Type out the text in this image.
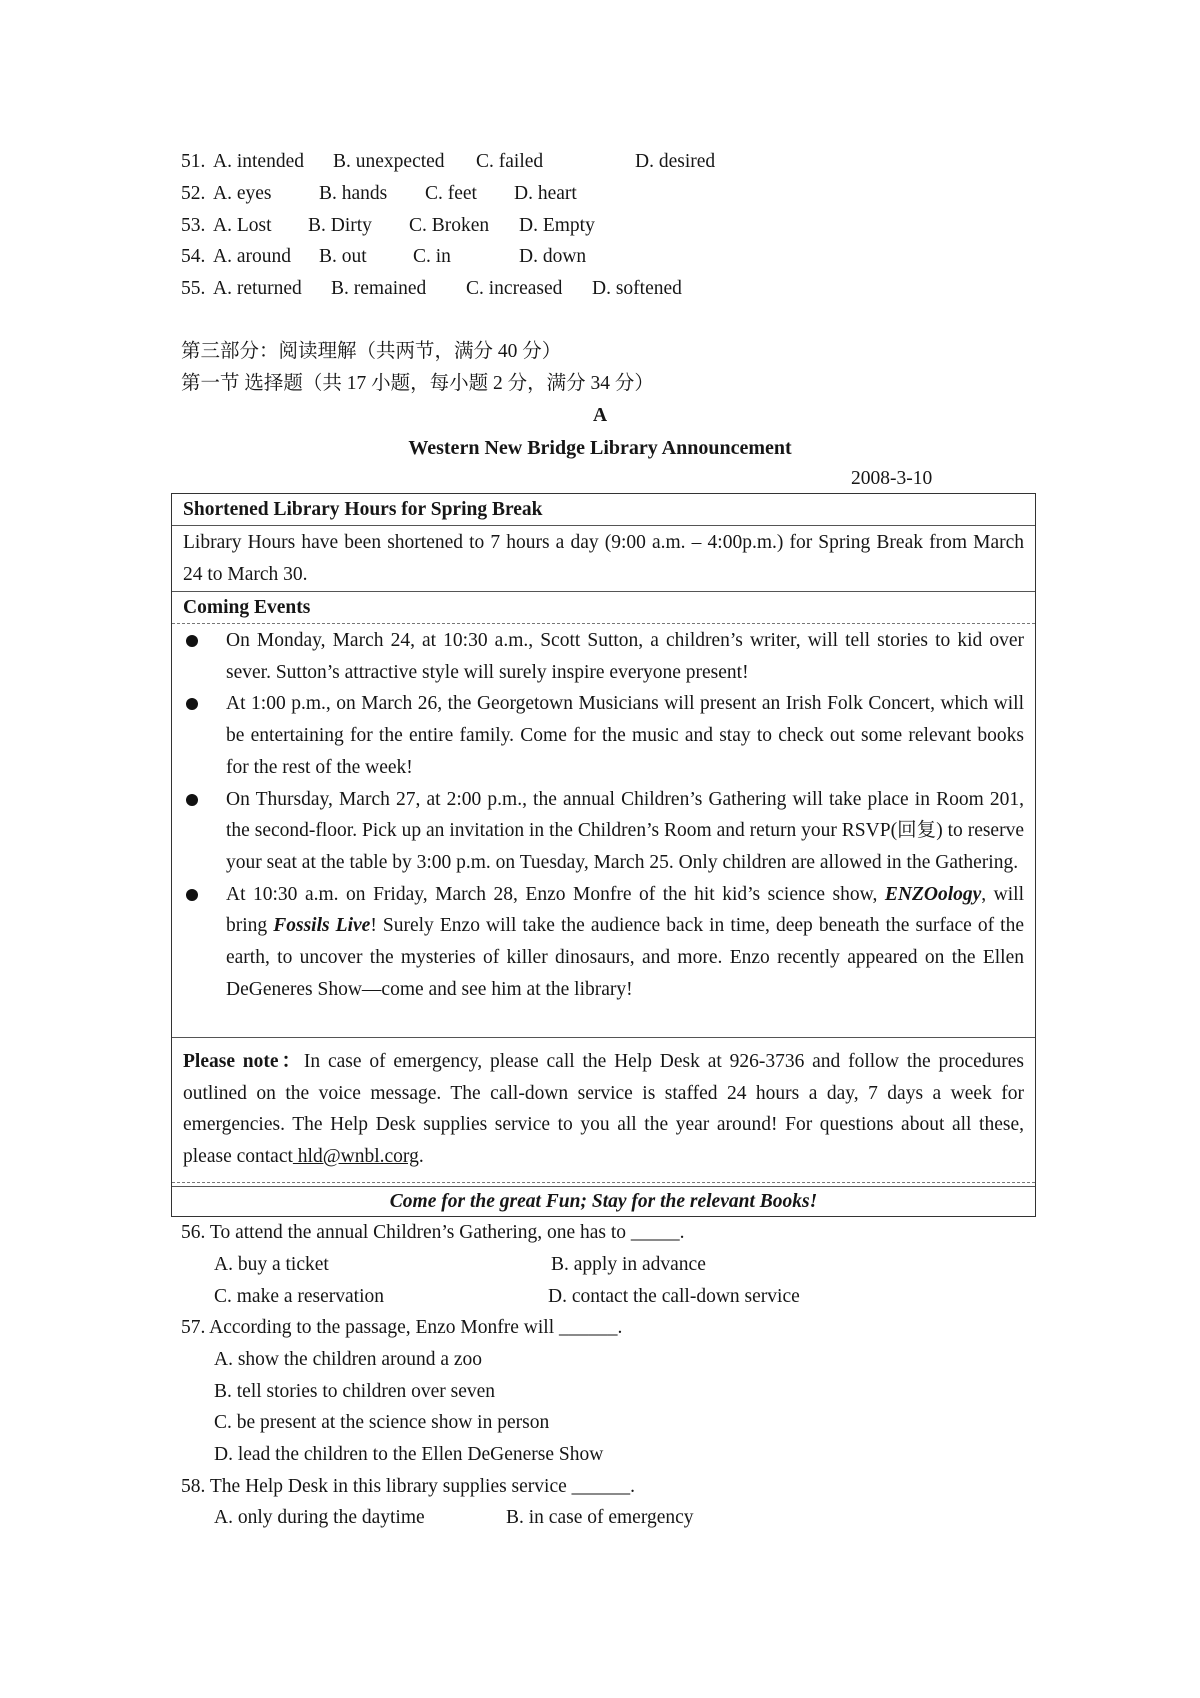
51. A. intended B. unexpected C. failed	D. desired
52. A. eyes B. hands C. feet D. heart
53. A. Lost B. Dirty C. Broken D. Empty
54. A. around B. out C. in	D. down
55. A. returned B. remained C. increased D. softened
第三部分：阅读理解（共两节，满分 40 分）
第一节 选择题（共 17 小题，每小题 2 分，满分 34 分）
A
Western New Bridge Library Announcement
2008-3-10
Shortened Library Hours for Spring Break
Library Hours have been shortened to 7 hours a day (9:00 a.m. – 4:00p.m.) for Spring Break from March 24 to March 30.
Coming Events
On Monday, March 24, at 10:30 a.m., Scott Sutton, a children’s writer, will tell stories to kid over sever. Sutton’s attractive style will surely inspire everyone present!
At 1:00 p.m., on March 26, the Georgetown Musicians will present an Irish Folk Concert, which will be entertaining for the entire family. Come for the music and stay to check out some relevant books for the rest of the week!
On Thursday, March 27, at 2:00 p.m., the annual Children’s Gathering will take place in Room 201, the second-floor. Pick up an invitation in the Children’s Room and return your RSVP(回复) to reserve your seat at the table by 3:00 p.m. on Tuesday, March 25. Only children are allowed in the Gathering.
At 10:30 a.m. on Friday, March 28, Enzo Monfre of the hit kid’s science show, ENZOology, will bring Fossils Live! Surely Enzo will take the audience back in time, deep beneath the surface of the earth, to uncover the mysteries of killer dinosaurs, and more. Enzo recently appeared on the Ellen DeGeneres Show—come and see him at the library!
Please note：In case of emergency, please call the Help Desk at 926-3736 and follow the procedures outlined on the voice message. The call-down service is staffed 24 hours a day, 7 days a week for emergencies. The Help Desk supplies service to you all the year around! For questions about all these, please contact hld@wnbl.corg.
Come for the great Fun; Stay for the relevant Books!
56. To attend the annual Children’s Gathering, one has to _____.
A. buy a ticket	B. apply in advance
C. make a reservation	D. contact the call-down service
57. According to the passage, Enzo Monfre will ______.
A. show the children around a zoo
B. tell stories to children over seven
C. be present at the science show in person
D. lead the children to the Ellen DeGenerse Show
58. The Help Desk in this library supplies service ______.
A. only during the daytime	B. in case of emergency
